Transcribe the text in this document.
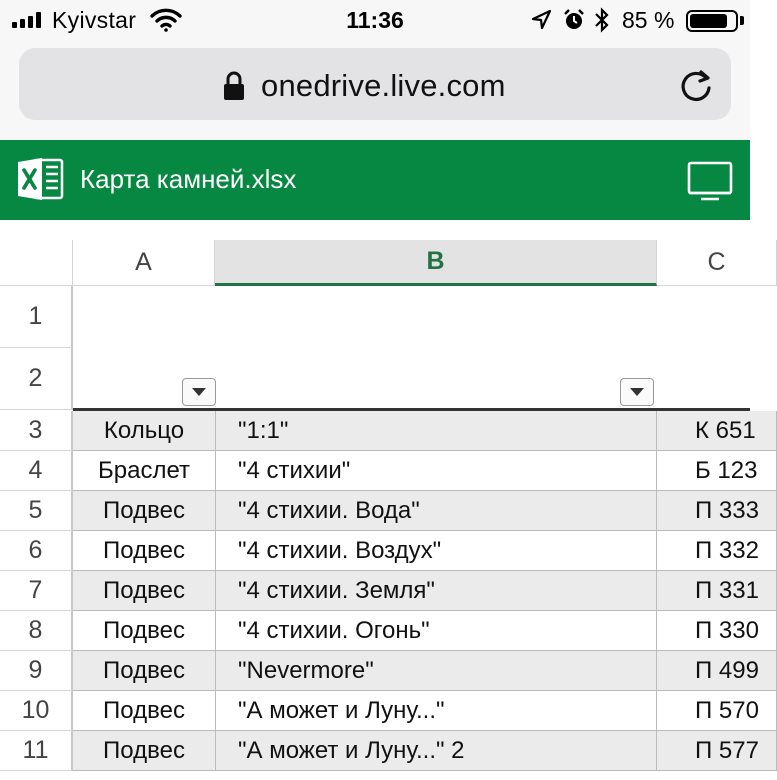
Kyivstar	11:36	85 %
onedrive.live.com
Карта камней.xlsx
A	B	C
1
2
3	Кольцо	"1:1"	К 651
4	Браслет	"4 стихии"	Б 123
5	Подвес	"4 стихии. Вода"	П 333
6	Подвес	"4 стихии. Воздух"	П 332
7	Подвес	"4 стихии. Земля"	П 331
8	Подвес	"4 стихии. Огонь"	П 330
9	Подвес	"Nevermore"	П 499
10	Подвес	"А может и Луну..."	П 570
11	Подвес	"А может и Луну..." 2	П 577
